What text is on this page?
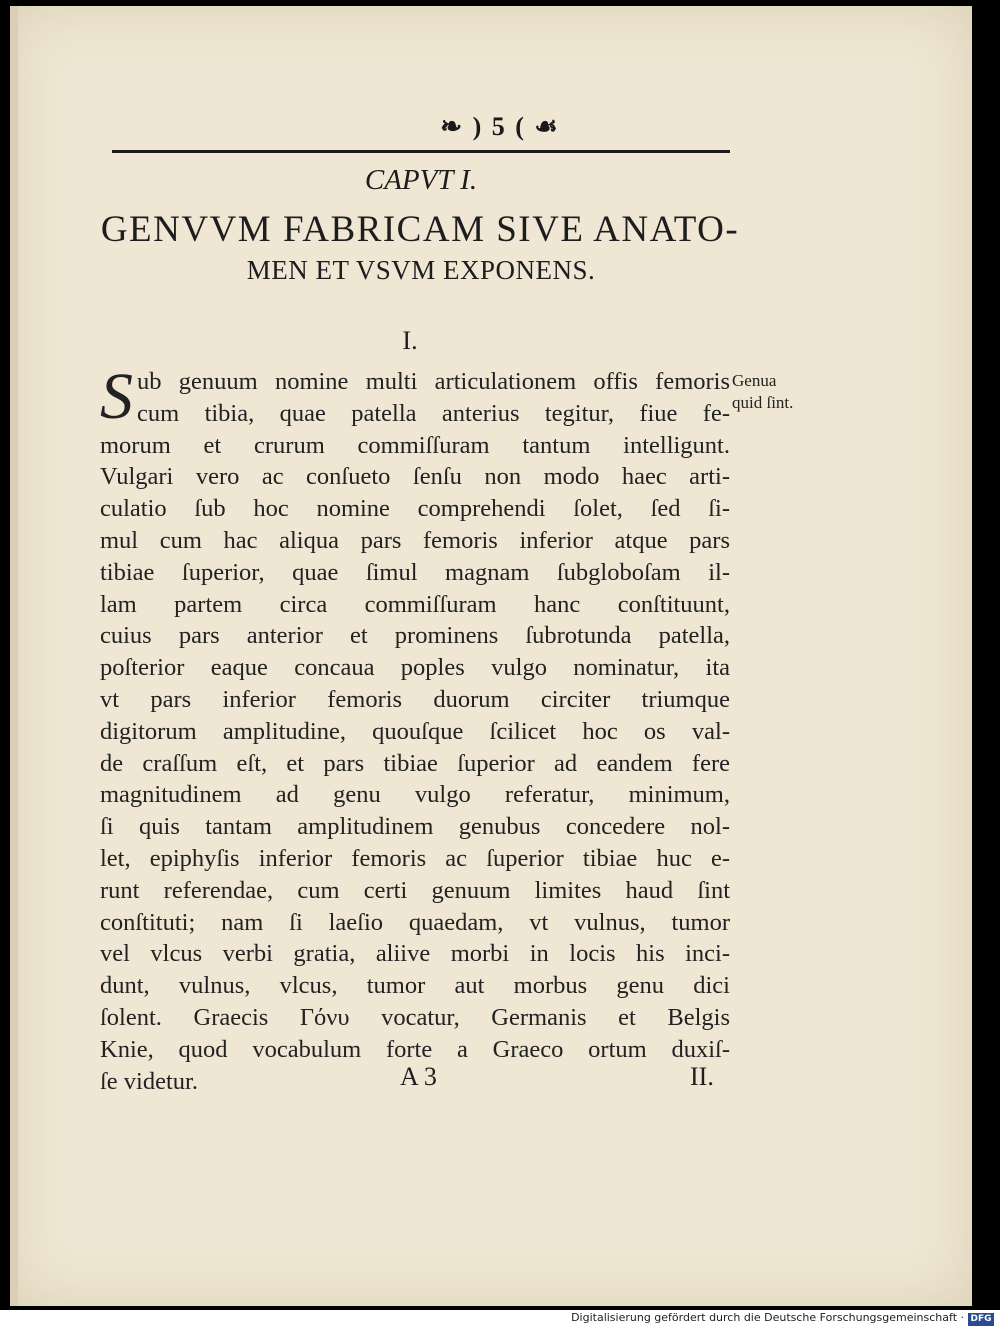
❧ ) 5 ( ☙
CAPVT I.
GENVVM FABRICAM SIVE ANATO-
MEN ET VSVM EXPONENS.
I.
S ub genuum nomine multi articulationem offis femoris
cum tibia, quae patella anterius tegitur, fiue fe-
morum et crurum commiſſuram tantum intelligunt.
Vulgari vero ac conſueto ſenſu non modo haec arti-
culatio ſub hoc nomine comprehendi ſolet, ſed ſi-
mul cum hac aliqua pars femoris inferior atque pars
tibiae ſuperior, quae ſimul magnam ſubgloboſam il-
lam partem circa commiſſuram hanc conſtituunt,
cuius pars anterior et prominens ſubrotunda patella,
poſterior eaque concaua poples vulgo nominatur, ita
vt pars inferior femoris duorum circiter triumque
digitorum amplitudine, quouſque ſcilicet hoc os val-
de craſſum eſt, et pars tibiae ſuperior ad eandem fere
magnitudinem ad genu vulgo referatur, minimum,
ſi quis tantam amplitudinem genubus concedere nol-
let, epiphyſis inferior femoris ac ſuperior tibiae huc e-
runt referendae, cum certi genuum limites haud ſint
conſtituti; nam ſi laeſio quaedam, vt vulnus, tumor
vel vlcus verbi gratia, aliive morbi in locis his inci-
dunt, vulnus, vlcus, tumor aut morbus genu dici
ſolent. Graecis Γόνυ vocatur, Germanis et Belgis
Knie, quod vocabulum forte a Graeco ortum duxiſ-
ſe videtur.
Genua
quid ſint.
A 3	II.
Digitalisierung gefördert durch die Deutsche Forschungsgemeinschaft · DFG
